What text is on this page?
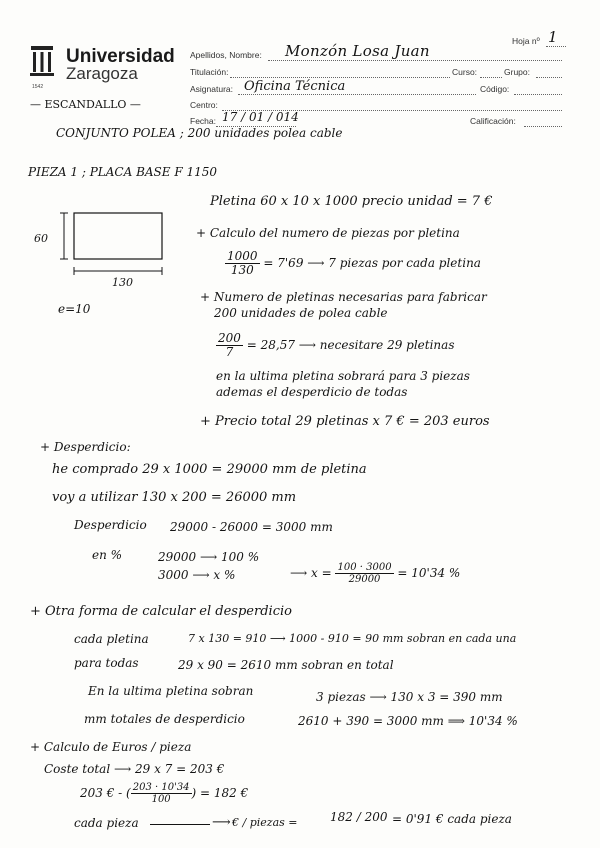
1542
Universidad
Zaragoza
Hoja nº 1
Apellidos, Nombre: Monzón Losa Juan
Titulación:	Curso:	Grupo:
Asignatura: Oficina Técnica	Código:
Centro:
Fecha: 17 / 01 / 014	Calificación:
— ESCANDALLO —
CONJUNTO POLEA ; 200 unidades polea cable
PIEZA 1 ; PLACA BASE F 1150
60
130
e=10
Pletina 60 x 10 x 1000 precio unidad = 7 €
+ Calculo del numero de piezas por pletina
$\frac{1000}{130} = 7'69$ ⟶ 7 piezas por cada pletina
+ Numero de pletinas necesarias para fabricar
200 unidades de polea cable
$\frac{200}{7} = 28,57$ ⟶ necesitare 29 pletinas
en la ultima pletina sobrará para 3 piezas
ademas el desperdicio de todas
+ Precio total 29 pletinas x 7 € = 203 euros
+ Desperdicio:
he comprado 29 x 1000 = 29000 mm de pletina
voy a utilizar 130 x 200 = 26000 mm
Desperdicio 29000 - 26000 = 3000 mm
en %	29000 ⟶ 100 %
3000 ⟶ x %	⟶ $x = \frac{100 \cdot 3000}{29000} = 10'34$ %
+ Otra forma de calcular el desperdicio
cada pletina	7 x 130 = 910 ⟶ 1000 - 910 = 90 mm sobran en cada una
para todas	29 x 90 = 2610 mm sobran en total
En la ultima pletina sobran	3 piezas ⟶ 130 x 3 = 390 mm
mm totales de desperdicio	2610 + 390 = 3000 mm ⟹ 10'34 %
+ Calculo de Euros / pieza
Coste total ⟶ 29 x 7 = 203 €
203 € - ( $\frac{203 \cdot 10'34}{100}$ ) = 182 €
cada pieza	⟶ € / piezas =	182 / 200 = 0'91 € cada pieza
